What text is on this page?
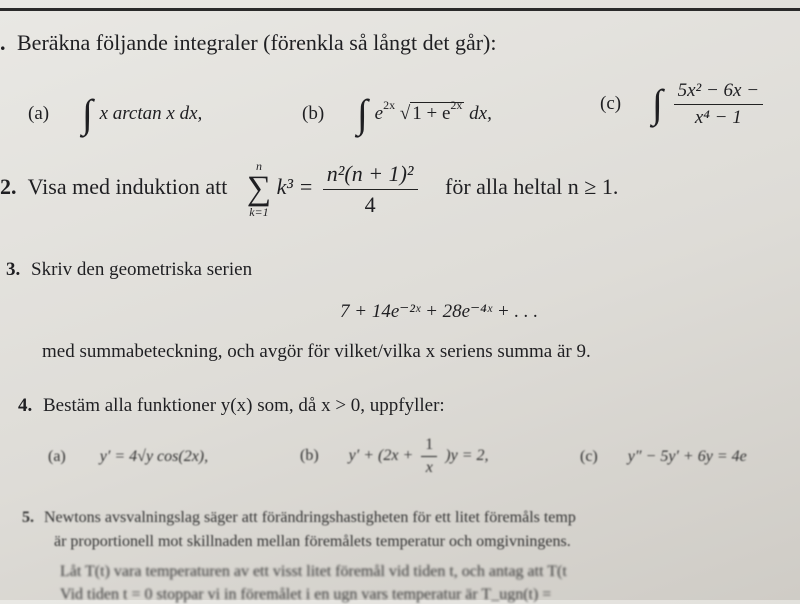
. Beräkna följande integraler (förenkla så långt det går):
(a) ∫ x arctan x dx,	(b) ∫ $e^{2x}$ √ $1 + e^{2x}$ dx,	(c) ∫ $\frac{\text{5x² − 6x −}}{\text{x⁴ − 1}}$
2. Visa med induktion att
n
∑
k=1
$k^3 = \frac{\text{n²(n + 1)²}}{4}$ för alla heltal n ≥ 1.
3. Skriv den geometriska serien
7 + 14e⁻²ˣ + 28e⁻⁴ˣ + . . .
med summabeteckning, och avgör för vilket/vilka x seriens summa är 9.
4. Bestäm alla funktioner y(x) som, då x > 0, uppfyller:
(a) y′ = 4√y cos(2x),	(b) $y' + (2x + \frac{1}{x} )y = 2$,	(c) y″ − 5y′ + 6y = 4e
5. Newtons avsvalningslag säger att förändringshastigheten för ett litet föremåls temp
är proportionell mot skillnaden mellan föremålets temperatur och omgivningens.
Låt T(t) vara temperaturen av ett visst litet föremål vid tiden t, och antag att T(t
Vid tiden t = 0 stoppar vi in föremålet i en ugn vars temperatur är T_ugn(t) =
